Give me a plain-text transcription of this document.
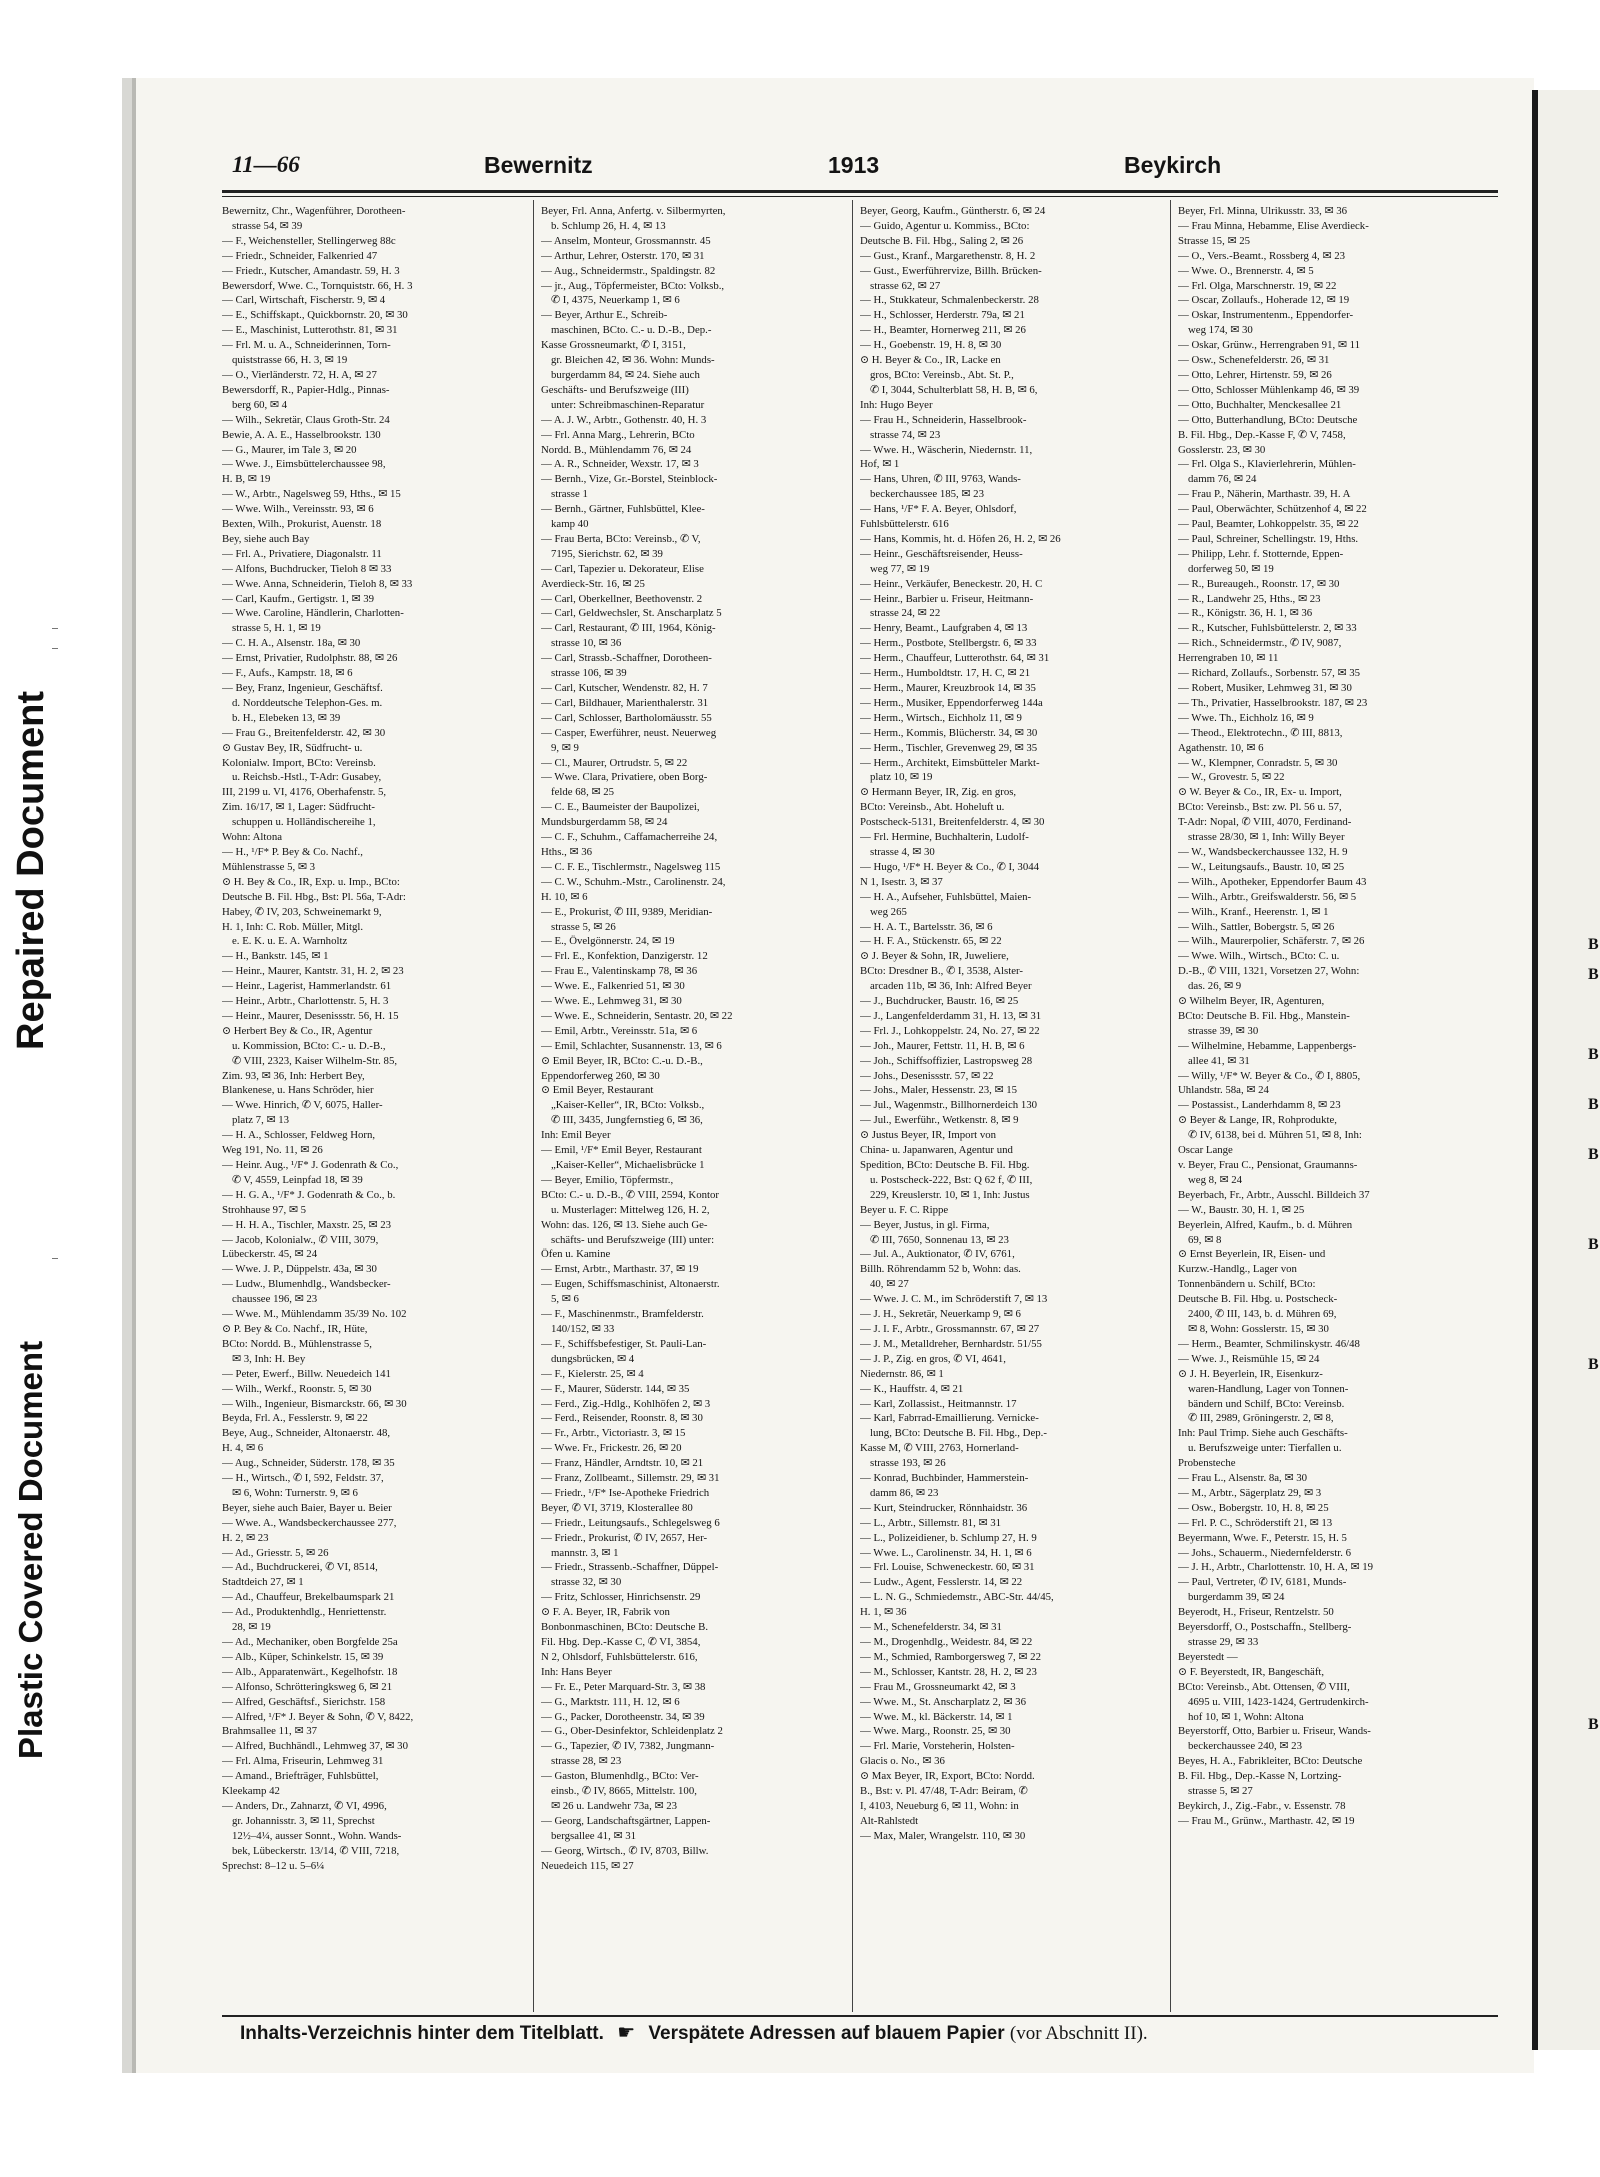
Repaired Document
Plastic Covered Document
B
B
B
B
B
B
B
B
11—66	Bewernitz	1913	Beykirch
Bewernitz, Chr., Wagenführer, Dorotheen-
strasse 54, ✉ 39
— F., Weichensteller, Stellingerweg 88c
— Friedr., Schneider, Falkenried 47
— Friedr., Kutscher, Amandastr. 59, H. 3
Bewersdorf, Wwe. C., Tornquiststr. 66, H. 3
— Carl, Wirtschaft, Fischerstr. 9, ✉ 4
— E., Schiffskapt., Quickbornstr. 20, ✉ 30
— E., Maschinist, Lutterothstr. 81, ✉ 31
— Frl. M. u. A., Schneiderinnen, Torn-
quiststrasse 66, H. 3, ✉ 19
— O., Vierländerstr. 72, H. A, ✉ 27
Bewersdorff, R., Papier-Hdlg., Pinnas-
berg 60, ✉ 4
— Wilh., Sekretär, Claus Groth-Str. 24
Bewie, A. A. E., Hasselbrookstr. 130
— G., Maurer, im Tale 3, ✉ 20
— Wwe. J., Eimsbüttelerchaussee 98,
H. B, ✉ 19
— W., Arbtr., Nagelsweg 59, Hths., ✉ 15
— Wwe. Wilh., Vereinsstr. 93, ✉ 6
Bexten, Wilh., Prokurist, Auenstr. 18
Bey, siehe auch Bay
— Frl. A., Privatiere, Diagonalstr. 11
— Alfons, Buchdrucker, Tieloh 8 ✉ 33
— Wwe. Anna, Schneiderin, Tieloh 8, ✉ 33
— Carl, Kaufm., Gertigstr. 1, ✉ 39
— Wwe. Caroline, Händlerin, Charlotten-
strasse 5, H. 1, ✉ 19
— C. H. A., Alsenstr. 18a, ✉ 30
— Ernst, Privatier, Rudolphstr. 88, ✉ 26
— F., Aufs., Kampstr. 18, ✉ 6
— Bey, Franz, Ingenieur, Geschäftsf.
d. Norddeutsche Telephon-Ges. m.
b. H., Elebeken 13, ✉ 39
— Frau G., Breitenfelderstr. 42, ✉ 30
⊙ Gustav Bey, IR, Südfrucht- u.
Kolonialw. Import, BCto: Vereinsb.
u. Reichsb.-Hstl., T-Adr: Gusabey,
III, 2199 u. VI, 4176, Oberhafenstr. 5,
Zim. 16/17, ✉ 1, Lager: Südfrucht-
schuppen u. Holländischereihe 1,
Wohn: Altona
— H., ¹/F* P. Bey & Co. Nachf.,
Mühlenstrasse 5, ✉ 3
⊙ H. Bey & Co., IR, Exp. u. Imp., BCto:
Deutsche B. Fil. Hbg., Bst: Pl. 56a, T-Adr:
Habey, ✆ IV, 203, Schweinemarkt 9,
H. 1, Inh: C. Rob. Müller, Mitgl.
e. E. K. u. E. A. Warnholtz
— H., Bankstr. 145, ✉ 1
— Heinr., Maurer, Kantstr. 31, H. 2, ✉ 23
— Heinr., Lagerist, Hammerlandstr. 61
— Heinr., Arbtr., Charlottenstr. 5, H. 3
— Heinr., Maurer, Desenissstr. 56, H. 15
⊙ Herbert Bey & Co., IR, Agentur
u. Kommission, BCto: C.- u. D.-B.,
✆ VIII, 2323, Kaiser Wilhelm-Str. 85,
Zim. 93, ✉ 36, Inh: Herbert Bey,
Blankenese, u. Hans Schröder, hier
— Wwe. Hinrich, ✆ V, 6075, Haller-
platz 7, ✉ 13
— H. A., Schlosser, Feldweg Horn,
Weg 191, No. 11, ✉ 26
— Heinr. Aug., ¹/F* J. Godenrath & Co.,
✆ V, 4559, Leinpfad 18, ✉ 39
— H. G. A., ¹/F* J. Godenrath & Co., b.
Strohhause 97, ✉ 5
— H. H. A., Tischler, Maxstr. 25, ✉ 23
— Jacob, Kolonialw., ✆ VIII, 3079,
Lübeckerstr. 45, ✉ 24
— Wwe. J. P., Düppelstr. 43a, ✉ 30
— Ludw., Blumenhdlg., Wandsbecker-
chaussee 196, ✉ 23
— Wwe. M., Mühlendamm 35/39 No. 102
⊙ P. Bey & Co. Nachf., IR, Hüte,
BCto: Nordd. B., Mühlenstrasse 5,
✉ 3, Inh: H. Bey
— Peter, Ewerf., Billw. Neuedeich 141
— Wilh., Werkf., Roonstr. 5, ✉ 30
— Wilh., Ingenieur, Bismarckstr. 66, ✉ 30
Beyda, Frl. A., Fesslerstr. 9, ✉ 22
Beye, Aug., Schneider, Altonaerstr. 48,
H. 4, ✉ 6
— Aug., Schneider, Süderstr. 178, ✉ 35
— H., Wirtsch., ✆ I, 592, Feldstr. 37,
✉ 6, Wohn: Turnerstr. 9, ✉ 6
Beyer, siehe auch Baier, Bayer u. Beier
— Wwe. A., Wandsbeckerchaussee 277,
H. 2, ✉ 23
— Ad., Griesstr. 5, ✉ 26
— Ad., Buchdruckerei, ✆ VI, 8514,
Stadtdeich 27, ✉ 1
— Ad., Chauffeur, Brekelbaumspark 21
— Ad., Produktenhdlg., Henriettenstr.
28, ✉ 19
— Ad., Mechaniker, oben Borgfelde 25a
— Alb., Küper, Schinkelstr. 15, ✉ 39
— Alb., Apparatenwärt., Kegelhofstr. 18
— Alfonso, Schrötteringksweg 6, ✉ 21
— Alfred, Geschäftsf., Sierichstr. 158
— Alfred, ¹/F* J. Beyer & Sohn, ✆ V, 8422,
Brahmsallee 11, ✉ 37
— Alfred, Buchhändl., Lehmweg 37, ✉ 30
— Frl. Alma, Friseurin, Lehmweg 31
— Amand., Briefträger, Fuhlsbüttel,
Kleekamp 42
— Anders, Dr., Zahnarzt, ✆ VI, 4996,
gr. Johannisstr. 3, ✉ 11, Sprechst
12½–4¼, ausser Sonnt., Wohn. Wands-
bek, Lübeckerstr. 13/14, ✆ VIII, 7218,
Sprechst: 8–12 u. 5–6¼
Beyer, Frl. Anna, Anfertg. v. Silbermyrten,
b. Schlump 26, H. 4, ✉ 13
— Anselm, Monteur, Grossmannstr. 45
— Arthur, Lehrer, Osterstr. 170, ✉ 31
— Aug., Schneidermstr., Spaldingstr. 82
— jr., Aug., Töpfermeister, BCto: Volksb.,
✆ I, 4375, Neuerkamp 1, ✉ 6
— Beyer, Arthur E., Schreib-
maschinen, BCto. C.- u. D.-B., Dep.-
Kasse Grossneumarkt, ✆ I, 3151,
gr. Bleichen 42, ✉ 36. Wohn: Munds-
burgerdamm 84, ✉ 24. Siehe auch
Geschäfts- und Berufszweige (III)
unter: Schreibmaschinen-Reparatur
— A. J. W., Arbtr., Gothenstr. 40, H. 3
— Frl. Anna Marg., Lehrerin, BCto
Nordd. B., Mühlendamm 76, ✉ 24
— A. R., Schneider, Wexstr. 17, ✉ 3
— Bernh., Vize, Gr.-Borstel, Steinblock-
strasse 1
— Bernh., Gärtner, Fuhlsbüttel, Klee-
kamp 40
— Frau Berta, BCto: Vereinsb., ✆ V,
7195, Sierichstr. 62, ✉ 39
— Carl, Tapezier u. Dekorateur, Elise
Averdieck-Str. 16, ✉ 25
— Carl, Oberkellner, Beethovenstr. 2
— Carl, Geldwechsler, St. Anscharplatz 5
— Carl, Restaurant, ✆ III, 1964, König-
strasse 10, ✉ 36
— Carl, Strassb.-Schaffner, Dorotheen-
strasse 106, ✉ 39
— Carl, Kutscher, Wendenstr. 82, H. 7
— Carl, Bildhauer, Marienthalerstr. 31
— Carl, Schlosser, Bartholomäusstr. 55
— Casper, Ewerführer, neust. Neuerweg
9, ✉ 9
— Cl., Maurer, Ortrudstr. 5, ✉ 22
— Wwe. Clara, Privatiere, oben Borg-
felde 68, ✉ 25
— C. E., Baumeister der Baupolizei,
Mundsburgerdamm 58, ✉ 24
— C. F., Schuhm., Caffamacherreihe 24,
Hths., ✉ 36
— C. F. E., Tischlermstr., Nagelsweg 115
— C. W., Schuhm.-Mstr., Carolinenstr. 24,
H. 10, ✉ 6
— E., Prokurist, ✆ III, 9389, Meridian-
strasse 5, ✉ 26
— E., Övelgönnerstr. 24, ✉ 19
— Frl. E., Konfektion, Danzigerstr. 12
— Frau E., Valentinskamp 78, ✉ 36
— Wwe. E., Falkenried 51, ✉ 30
— Wwe. E., Lehmweg 31, ✉ 30
— Wwe. E., Schneiderin, Sentastr. 20, ✉ 22
— Emil, Arbtr., Vereinsstr. 51a, ✉ 6
— Emil, Schlachter, Susannenstr. 13, ✉ 6
⊙ Emil Beyer, IR, BCto: C.-u. D.-B.,
Eppendorferweg 260, ✉ 30
⊙ Emil Beyer, Restaurant
„Kaiser-Keller“, IR, BCto: Volksb.,
✆ III, 3435, Jungfernstieg 6, ✉ 36,
Inh: Emil Beyer
— Emil, ¹/F* Emil Beyer, Restaurant
„Kaiser-Keller“, Michaelisbrücke 1
— Beyer, Emilio, Töpfermstr.,
BCto: C.- u. D.-B., ✆ VIII, 2594, Kontor
u. Musterlager: Mittelweg 126, H. 2,
Wohn: das. 126, ✉ 13. Siehe auch Ge-
schäfts- und Berufszweige (III) unter:
Öfen u. Kamine
— Ernst, Arbtr., Marthastr. 37, ✉ 19
— Eugen, Schiffsmaschinist, Altonaerstr.
5, ✉ 6
— F., Maschinenmstr., Bramfelderstr.
140/152, ✉ 33
— F., Schiffsbefestiger, St. Pauli-Lan-
dungsbrücken, ✉ 4
— F., Kielerstr. 25, ✉ 4
— F., Maurer, Süderstr. 144, ✉ 35
— Ferd., Zig.-Hdlg., Kohlhöfen 2, ✉ 3
— Ferd., Reisender, Roonstr. 8, ✉ 30
— Fr., Arbtr., Victoriastr. 3, ✉ 15
— Wwe. Fr., Frickestr. 26, ✉ 20
— Franz, Händler, Arndtstr. 10, ✉ 21
— Franz, Zollbeamt., Sillemstr. 29, ✉ 31
— Friedr., ¹/F* Ise-Apotheke Friedrich
Beyer, ✆ VI, 3719, Klosterallee 80
— Friedr., Leitungsaufs., Schlegelsweg 6
— Friedr., Prokurist, ✆ IV, 2657, Her-
mannstr. 3, ✉ 1
— Friedr., Strassenb.-Schaffner, Düppel-
strasse 32, ✉ 30
— Fritz, Schlosser, Hinrichsenstr. 29
⊙ F. A. Beyer, IR, Fabrik von
Bonbonmaschinen, BCto: Deutsche B.
Fil. Hbg. Dep.-Kasse C, ✆ VI, 3854,
N 2, Ohlsdorf, Fuhlsbüttelerstr. 616,
Inh: Hans Beyer
— Fr. E., Peter Marquard-Str. 3, ✉ 38
— G., Marktstr. 111, H. 12, ✉ 6
— G., Packer, Dorotheenstr. 34, ✉ 39
— G., Ober-Desinfektor, Schleidenplatz 2
— G., Tapezier, ✆ IV, 7382, Jungmann-
strasse 28, ✉ 23
— Gaston, Blumenhdlg., BCto: Ver-
einsb., ✆ IV, 8665, Mittelstr. 100,
✉ 26 u. Landwehr 73a, ✉ 23
— Georg, Landschaftsgärtner, Lappen-
bergsallee 41, ✉ 31
— Georg, Wirtsch., ✆ IV, 8703, Billw.
Neuedeich 115, ✉ 27
Beyer, Georg, Kaufm., Güntherstr. 6, ✉ 24
— Guido, Agentur u. Kommiss., BCto:
Deutsche B. Fil. Hbg., Saling 2, ✉ 26
— Gust., Kranf., Margarethenstr. 8, H. 2
— Gust., Ewerführervize, Billh. Brücken-
strasse 62, ✉ 27
— H., Stukkateur, Schmalenbeckerstr. 28
— H., Schlosser, Herderstr. 79a, ✉ 21
— H., Beamter, Hornerweg 211, ✉ 26
— H., Goebenstr. 19, H. 8, ✉ 30
⊙ H. Beyer & Co., IR, Lacke en
gros, BCto: Vereinsb., Abt. St. P.,
✆ I, 3044, Schulterblatt 58, H. B, ✉ 6,
Inh: Hugo Beyer
— Frau H., Schneiderin, Hasselbrook-
strasse 74, ✉ 23
— Wwe. H., Wäscherin, Niedernstr. 11,
Hof, ✉ 1
— Hans, Uhren, ✆ III, 9763, Wands-
beckerchaussee 185, ✉ 23
— Hans, ¹/F* F. A. Beyer, Ohlsdorf,
Fuhlsbüttelerstr. 616
— Hans, Kommis, ht. d. Höfen 26, H. 2, ✉ 26
— Heinr., Geschäftsreisender, Heuss-
weg 77, ✉ 19
— Heinr., Verkäufer, Beneckestr. 20, H. C
— Heinr., Barbier u. Friseur, Heitmann-
strasse 24, ✉ 22
— Henry, Beamt., Laufgraben 4, ✉ 13
— Herm., Postbote, Stellbergstr. 6, ✉ 33
— Herm., Chauffeur, Lutterothstr. 64, ✉ 31
— Herm., Humboldtstr. 17, H. C, ✉ 21
— Herm., Maurer, Kreuzbrook 14, ✉ 35
— Herm., Musiker, Eppendorferweg 144a
— Herm., Wirtsch., Eichholz 11, ✉ 9
— Herm., Kommis, Blücherstr. 34, ✉ 30
— Herm., Tischler, Grevenweg 29, ✉ 35
— Herm., Architekt, Eimsbütteler Markt-
platz 10, ✉ 19
⊙ Hermann Beyer, IR, Zig. en gros,
BCto: Vereinsb., Abt. Hoheluft u.
Postscheck-5131, Breitenfelderstr. 4, ✉ 30
— Frl. Hermine, Buchhalterin, Ludolf-
strasse 4, ✉ 30
— Hugo, ¹/F* H. Beyer & Co., ✆ I, 3044
N 1, Isestr. 3, ✉ 37
— H. A., Aufseher, Fuhlsbüttel, Maien-
weg 265
— H. A. T., Bartelsstr. 36, ✉ 6
— H. F. A., Stückenstr. 65, ✉ 22
⊙ J. Beyer & Sohn, IR, Juweliere,
BCto: Dresdner B., ✆ I, 3538, Alster-
arcaden 11b, ✉ 36, Inh: Alfred Beyer
— J., Buchdrucker, Baustr. 16, ✉ 25
— J., Langenfelderdamm 31, H. 13, ✉ 31
— Frl. J., Lohkoppelstr. 24, No. 27, ✉ 22
— Joh., Maurer, Fettstr. 11, H. B, ✉ 6
— Joh., Schiffsoffizier, Lastropsweg 28
— Johs., Desenissstr. 57, ✉ 22
— Johs., Maler, Hessenstr. 23, ✉ 15
— Jul., Wagenmstr., Billhornerdeich 130
— Jul., Ewerführ., Wetkenstr. 8, ✉ 9
⊙ Justus Beyer, IR, Import von
China- u. Japanwaren, Agentur und
Spedition, BCto: Deutsche B. Fil. Hbg.
u. Postscheck-222, Bst: Q 62 f, ✆ III,
229, Kreuslerstr. 10, ✉ 1, Inh: Justus
Beyer u. F. C. Rippe
— Beyer, Justus, in gl. Firma,
✆ III, 7650, Sonnenau 13, ✉ 23
— Jul. A., Auktionator, ✆ IV, 6761,
Billh. Röhrendamm 52 b, Wohn: das.
40, ✉ 27
— Wwe. J. C. M., im Schröderstift 7, ✉ 13
— J. H., Sekretär, Neuerkamp 9, ✉ 6
— J. I. F., Arbtr., Grossmannstr. 67, ✉ 27
— J. M., Metalldreher, Bernhardstr. 51/55
— J. P., Zig. en gros, ✆ VI, 4641,
Niedernstr. 86, ✉ 1
— K., Hauffstr. 4, ✉ 21
— Karl, Zollassist., Heitmannstr. 17
— Karl, Fabrrad-Emaillierung. Vernicke-
lung, BCto: Deutsche B. Fil. Hbg., Dep.-
Kasse M, ✆ VIII, 2763, Hornerland-
strasse 193, ✉ 26
— Konrad, Buchbinder, Hammerstein-
damm 86, ✉ 23
— Kurt, Steindrucker, Rönnhaidstr. 36
— L., Arbtr., Sillemstr. 81, ✉ 31
— L., Polizeidiener, b. Schlump 27, H. 9
— Wwe. L., Carolinenstr. 34, H. 1, ✉ 6
— Frl. Louise, Schweneckestr. 60, ✉ 31
— Ludw., Agent, Fesslerstr. 14, ✉ 22
— L. N. G., Schmiedemstr., ABC-Str. 44/45,
H. 1, ✉ 36
— M., Schenefelderstr. 34, ✉ 31
— M., Drogenhdlg., Weidestr. 84, ✉ 22
— M., Schmied, Ramborgersweg 7, ✉ 22
— M., Schlosser, Kantstr. 28, H. 2, ✉ 23
— Frau M., Grossneumarkt 42, ✉ 3
— Wwe. M., St. Anscharplatz 2, ✉ 36
— Wwe. M., kl. Bäckerstr. 14, ✉ 1
— Wwe. Marg., Roonstr. 25, ✉ 30
— Frl. Marie, Vorsteherin, Holsten-
Glacis o. No., ✉ 36
⊙ Max Beyer, IR, Export, BCto: Nordd.
B., Bst: v. Pl. 47/48, T-Adr: Beiram, ✆
I, 4103, Neueburg 6, ✉ 11, Wohn: in
Alt-Rahlstedt
— Max, Maler, Wrangelstr. 110, ✉ 30
Beyer, Frl. Minna, Ulrikusstr. 33, ✉ 36
— Frau Minna, Hebamme, Elise Averdieck-
Strasse 15, ✉ 25
— O., Vers.-Beamt., Rossberg 4, ✉ 23
— Wwe. O., Brennerstr. 4, ✉ 5
— Frl. Olga, Marschnerstr. 19, ✉ 22
— Oscar, Zollaufs., Hoherade 12, ✉ 19
— Oskar, Instrumentenm., Eppendorfer-
weg 174, ✉ 30
— Oskar, Grünw., Herrengraben 91, ✉ 11
— Osw., Schenefelderstr. 26, ✉ 31
— Otto, Lehrer, Hirtenstr. 59, ✉ 26
— Otto, Schlosser Mühlenkamp 46, ✉ 39
— Otto, Buchhalter, Menckesallee 21
— Otto, Butterhandlung, BCto: Deutsche
B. Fil. Hbg., Dep.-Kasse F, ✆ V, 7458,
Gosslerstr. 23, ✉ 30
— Frl. Olga S., Klavierlehrerin, Mühlen-
damm 76, ✉ 24
— Frau P., Näherin, Marthastr. 39, H. A
— Paul, Oberwächter, Schützenhof 4, ✉ 22
— Paul, Beamter, Lohkoppelstr. 35, ✉ 22
— Paul, Schreiner, Schellingstr. 19, Hths.
— Philipp, Lehr. f. Stotternde, Eppen-
dorferweg 50, ✉ 19
— R., Bureaugeh., Roonstr. 17, ✉ 30
— R., Landwehr 25, Hths., ✉ 23
— R., Königstr. 36, H. 1, ✉ 36
— R., Kutscher, Fuhlsbüttelerstr. 2, ✉ 33
— Rich., Schneidermstr., ✆ IV, 9087,
Herrengraben 10, ✉ 11
— Richard, Zollaufs., Sorbenstr. 57, ✉ 35
— Robert, Musiker, Lehmweg 31, ✉ 30
— Th., Privatier, Hasselbrookstr. 187, ✉ 23
— Wwe. Th., Eichholz 16, ✉ 9
— Theod., Elektrotechn., ✆ III, 8813,
Agathenstr. 10, ✉ 6
— W., Klempner, Conradstr. 5, ✉ 30
— W., Grovestr. 5, ✉ 22
⊙ W. Beyer & Co., IR, Ex- u. Import,
BCto: Vereinsb., Bst: zw. Pl. 56 u. 57,
T-Adr: Nopal, ✆ VIII, 4070, Ferdinand-
strasse 28/30, ✉ 1, Inh: Willy Beyer
— W., Wandsbeckerchaussee 132, H. 9
— W., Leitungsaufs., Baustr. 10, ✉ 25
— Wilh., Apotheker, Eppendorfer Baum 43
— Wilh., Arbtr., Greifswalderstr. 56, ✉ 5
— Wilh., Kranf., Heerenstr. 1, ✉ 1
— Wilh., Sattler, Bobergstr. 5, ✉ 26
— Wilh., Maurerpolier, Schäferstr. 7, ✉ 26
— Wwe. Wilh., Wirtsch., BCto: C. u.
D.-B., ✆ VIII, 1321, Vorsetzen 27, Wohn:
das. 26, ✉ 9
⊙ Wilhelm Beyer, IR, Agenturen,
BCto: Deutsche B. Fil. Hbg., Manstein-
strasse 39, ✉ 30
— Wilhelmine, Hebamme, Lappenbergs-
allee 41, ✉ 31
— Willy, ¹/F* W. Beyer & Co., ✆ I, 8805,
Uhlandstr. 58a, ✉ 24
— Postassist., Landerhdamm 8, ✉ 23
⊙ Beyer & Lange, IR, Rohprodukte,
✆ IV, 6138, bei d. Mühren 51, ✉ 8, Inh:
Oscar Lange
v. Beyer, Frau C., Pensionat, Graumanns-
weg 8, ✉ 24
Beyerbach, Fr., Arbtr., Ausschl. Billdeich 37
— W., Baustr. 30, H. 1, ✉ 25
Beyerlein, Alfred, Kaufm., b. d. Mühren
69, ✉ 8
⊙ Ernst Beyerlein, IR, Eisen- und
Kurzw.-Handlg., Lager von
Tonnenbändern u. Schilf, BCto:
Deutsche B. Fil. Hbg. u. Postscheck-
2400, ✆ III, 143, b. d. Mühren 69,
✉ 8, Wohn: Gosslerstr. 15, ✉ 30
— Herm., Beamter, Schmilinskystr. 46/48
— Wwe. J., Reismühle 15, ✉ 24
⊙ J. H. Beyerlein, IR, Eisenkurz-
waren-Handlung, Lager von Tonnen-
bändern und Schilf, BCto: Vereinsb.
✆ III, 2989, Gröningerstr. 2, ✉ 8,
Inh: Paul Trimp. Siehe auch Geschäfts-
u. Berufszweige unter: Tierfallen u.
Probensteche
— Frau L., Alsenstr. 8a, ✉ 30
— M., Arbtr., Sägerplatz 29, ✉ 3
— Osw., Bobergstr. 10, H. 8, ✉ 25
— Frl. P. C., Schröderstift 21, ✉ 13
Beyermann, Wwe. F., Peterstr. 15, H. 5
— Johs., Schauerm., Niedernfelderstr. 6
— J. H., Arbtr., Charlottenstr. 10, H. A, ✉ 19
— Paul, Vertreter, ✆ IV, 6181, Munds-
burgerdamm 39, ✉ 24
Beyerodt, H., Friseur, Rentzelstr. 50
Beyersdorff, O., Postschaffn., Stellberg-
strasse 29, ✉ 33
Beyerstedt —
⊙ F. Beyerstedt, IR, Bangeschäft,
BCto: Vereinsb., Abt. Ottensen, ✆ VIII,
4695 u. VIII, 1423-1424, Gertrudenkirch-
hof 10, ✉ 1, Wohn: Altona
Beyerstorff, Otto, Barbier u. Friseur, Wands-
beckerchaussee 240, ✉ 23
Beyes, H. A., Fabrikleiter, BCto: Deutsche
B. Fil. Hbg., Dep.-Kasse N, Lortzing-
strasse 5, ✉ 27
Beykirch, J., Zig.-Fabr., v. Essenstr. 78
— Frau M., Grünw., Marthastr. 42, ✉ 19
Inhalts-Verzeichnis hinter dem Titelblatt. ☛ Verspätete Adressen auf blauem Papier (vor Abschnitt II).
